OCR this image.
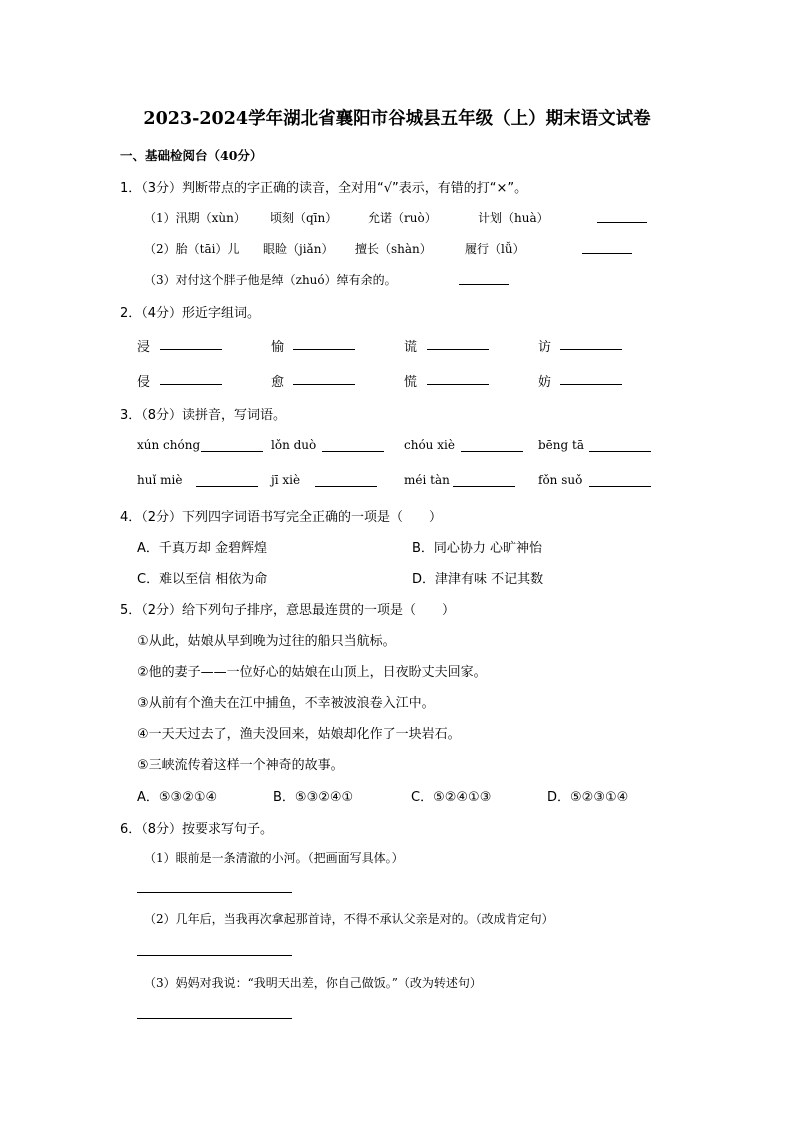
2023-2024学年湖北省襄阳市谷城县五年级（上）期末语文试卷
一、基础检阅台（40分）
1．（3分）判断带点的字正确的读音，全对用“√”表示，有错的打“×”。
（1）汛期（xùn） 顷刻（qīn）	允诺（ruò）	计划（huà）
（2）胎（tāi）儿 眼睑（jiǎn） 擅长（shàn）	履行（lǚ）
（3）对付这个胖子他是绰（zhuó）绰有余的。
2．（4分）形近字组词。
浸	愉	谎	访
侵	愈	慌	妨
3．（8分）读拼音，写词语。
xún chóng	lǒn duò	chóu xiè	bēng tā
huǐ miè	jī xiè	méi tàn	fǒn suǒ
4．（2分）下列四字词语书写完全正确的一项是（　　）
A．千真万却 金碧辉煌	B．同心协力 心旷神怡
C．难以至信 相依为命	D．津津有味 不记其数
5．（2分）给下列句子排序，意思最连贯的一项是（　　）
①从此，姑娘从早到晚为过往的船只当航标。
②他的妻子——一位好心的姑娘在山顶上，日夜盼丈夫回家。
③从前有个渔夫在江中捕鱼，不幸被波浪卷入江中。
④一天天过去了，渔夫没回来，姑娘却化作了一块岩石。
⑤三峡流传着这样一个神奇的故事。
A．⑤③②①④	B．⑤③②④①	C．⑤②④①③	D．⑤②③①④
6．（8分）按要求写句子。
（1）眼前是一条清澈的小河。（把画面写具体。）
（2）几年后，当我再次拿起那首诗，不得不承认父亲是对的。（改成肯定句）
（3）妈妈对我说：“我明天出差，你自己做饭。”（改为转述句）
